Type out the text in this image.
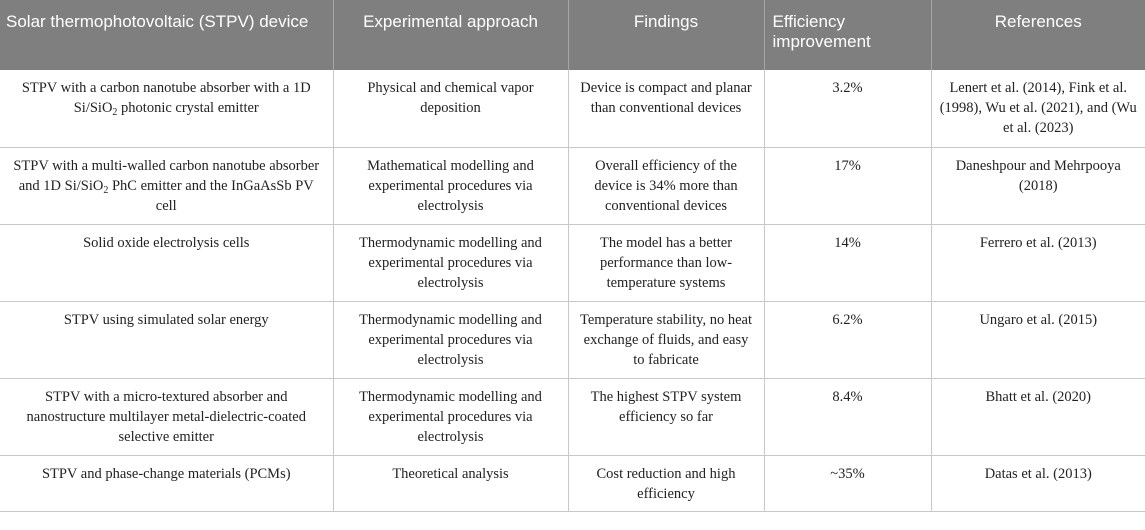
Solar thermophotovoltaic (STPV) device	Experimental approach	Findings	Efficiency improvement	References
STPV with a carbon nanotube absorber with a 1D Si/SiO$_2$ photonic crystal emitter	Physical and chemical vapor deposition	Device is compact and planar than conventional devices	3.2%	Lenert et al. (2014), Fink et al. (1998), Wu et al. (2021), and (Wu et al. (2023)
STPV with a multi-walled carbon nanotube absorber and 1D Si/SiO$_2$ PhC emitter and the InGaAsSb PV cell	Mathematical modelling and experimental procedures via electrolysis	Overall efficiency of the device is 34% more than conventional devices	17%	Daneshpour and Mehrpooya (2018)
Solid oxide electrolysis cells	Thermodynamic modelling and experimental procedures via electrolysis	The model has a better performance than low-temperature systems	14%	Ferrero et al. (2013)
STPV using simulated solar energy	Thermodynamic modelling and experimental procedures via electrolysis	Temperature stability, no heat exchange of fluids, and easy to fabricate	6.2%	Ungaro et al. (2015)
STPV with a micro-textured absorber and nanostructure multilayer metal-dielectric-coated selective emitter	Thermodynamic modelling and experimental procedures via electrolysis	The highest STPV system efficiency so far	8.4%	Bhatt et al. (2020)
STPV and phase-change materials (PCMs)	Theoretical analysis	Cost reduction and high efficiency	~35%	Datas et al. (2013)
